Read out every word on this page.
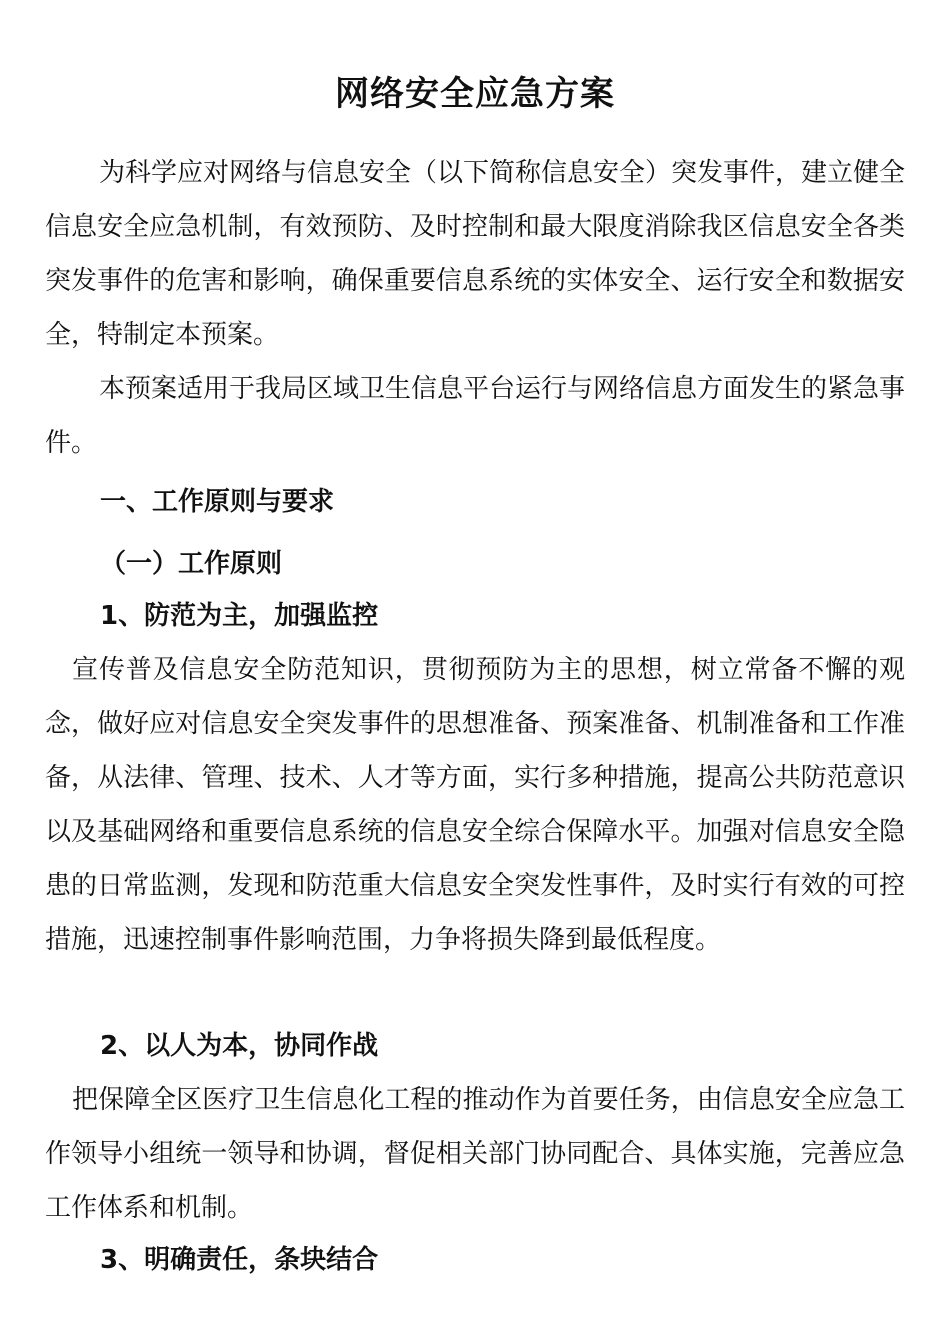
网络安全应急方案

为科学应对网络与信息安全（以下简称信息安全）突发事件，建立健全信息安全应急机制，有效预防、及时控制和最大限度消除我区信息安全各类突发事件的危害和影响，确保重要信息系统的实体安全、运行安全和数据安全，特制定本预案。

本预案适用于我局区域卫生信息平台运行与网络信息方面发生的紧急事件。

一、工作原则与要求
（一）工作原则
1、防范为主，加强监控

宣传普及信息安全防范知识，贯彻预防为主的思想，树立常备不懈的观念，做好应对信息安全突发事件的思想准备、预案准备、机制准备和工作准备，从法律、管理、技术、人才等方面，实行多种措施，提高公共防范意识以及基础网络和重要信息系统的信息安全综合保障水平。加强对信息安全隐患的日常监测，发现和防范重大信息安全突发性事件，及时实行有效的可控措施，迅速控制事件影响范围，力争将损失降到最低程度。

2、以人为本，协同作战

把保障全区医疗卫生信息化工程的推动作为首要任务，由信息安全应急工作领导小组统一领导和协调，督促相关部门协同配合、具体实施，完善应急工作体系和机制。

3、明确责任，条块结合
